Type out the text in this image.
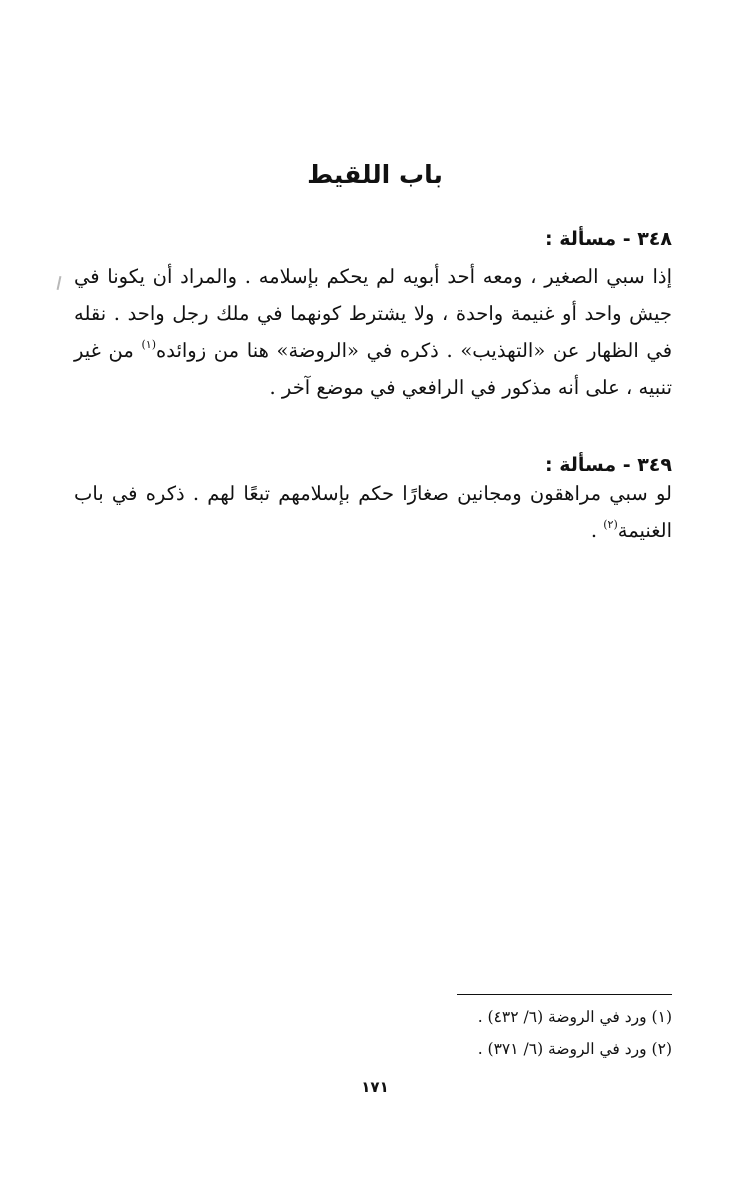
باب اللقيط
٣٤٨ - مسألة :

إذا سبي الصغير ، ومعه أحد أبويه لم يحكم بإسلامه . والمراد أن يكونا في جيش واحد أو غنيمة واحدة ، ولا يشترط كونهما في ملك رجل واحد . نقله في الظهار عن «التهذيب» . ذكره في «الروضة» هنا من زوائده$^{(١)}$ من غير تنبيه ، على أنه مذكور في الرافعي في موضع آخر .

٣٤٩ - مسألة :

لو سبي مراهقون ومجانين صغارًا حكم بإسلامهم تبعًا لهم . ذكره في باب الغنيمة$^{(٢)}$ .

(١) ورد في الروضة (٦/ ٤٣٢) .

(٢) ورد في الروضة (٦/ ٣٧١) .

١٧١
